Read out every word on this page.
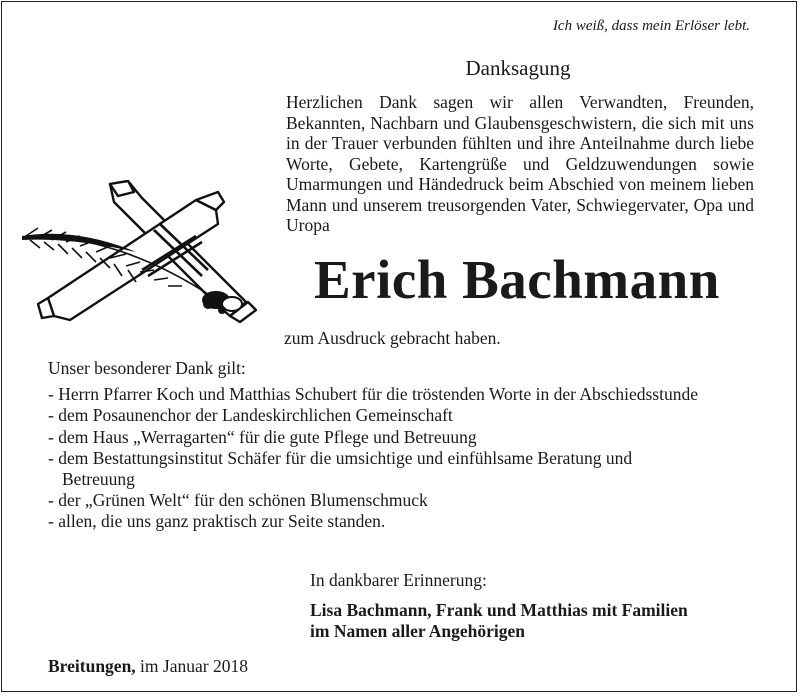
Ich weiß, dass mein Erlöser lebt.
Danksagung
Herzlichen Dank sagen wir allen Verwandten, Freunden, Bekannten, Nachbarn und Glaubensgeschwistern, die sich mit uns in der Trauer verbunden fühlten und ihre Anteilnahme durch liebe Worte, Gebete, Kartengrüße und Geldzuwendungen sowie Umarmungen und Händedruck beim Abschied von meinem lieben Mann und unserem treusorgenden Vater, Schwiegervater, Opa und Uropa
Erich Bachmann
zum Ausdruck gebracht haben.
Unser besonderer Dank gilt:
- Herrn Pfarrer Koch und Matthias Schubert für die tröstenden Worte in der Abschiedsstunde
- dem Posaunenchor der Landeskirchlichen Gemeinschaft
- dem Haus „Werragarten“ für die gute Pflege und Betreuung
- dem Bestattungsinstitut Schäfer für die umsichtige und einfühlsame Beratung und Betreuung
- der „Grünen Welt“ für den schönen Blumenschmuck
- allen, die uns ganz praktisch zur Seite standen.
In dankbarer Erinnerung:
Lisa Bachmann, Frank und Matthias mit Familien
im Namen aller Angehörigen
Breitungen, im Januar 2018
